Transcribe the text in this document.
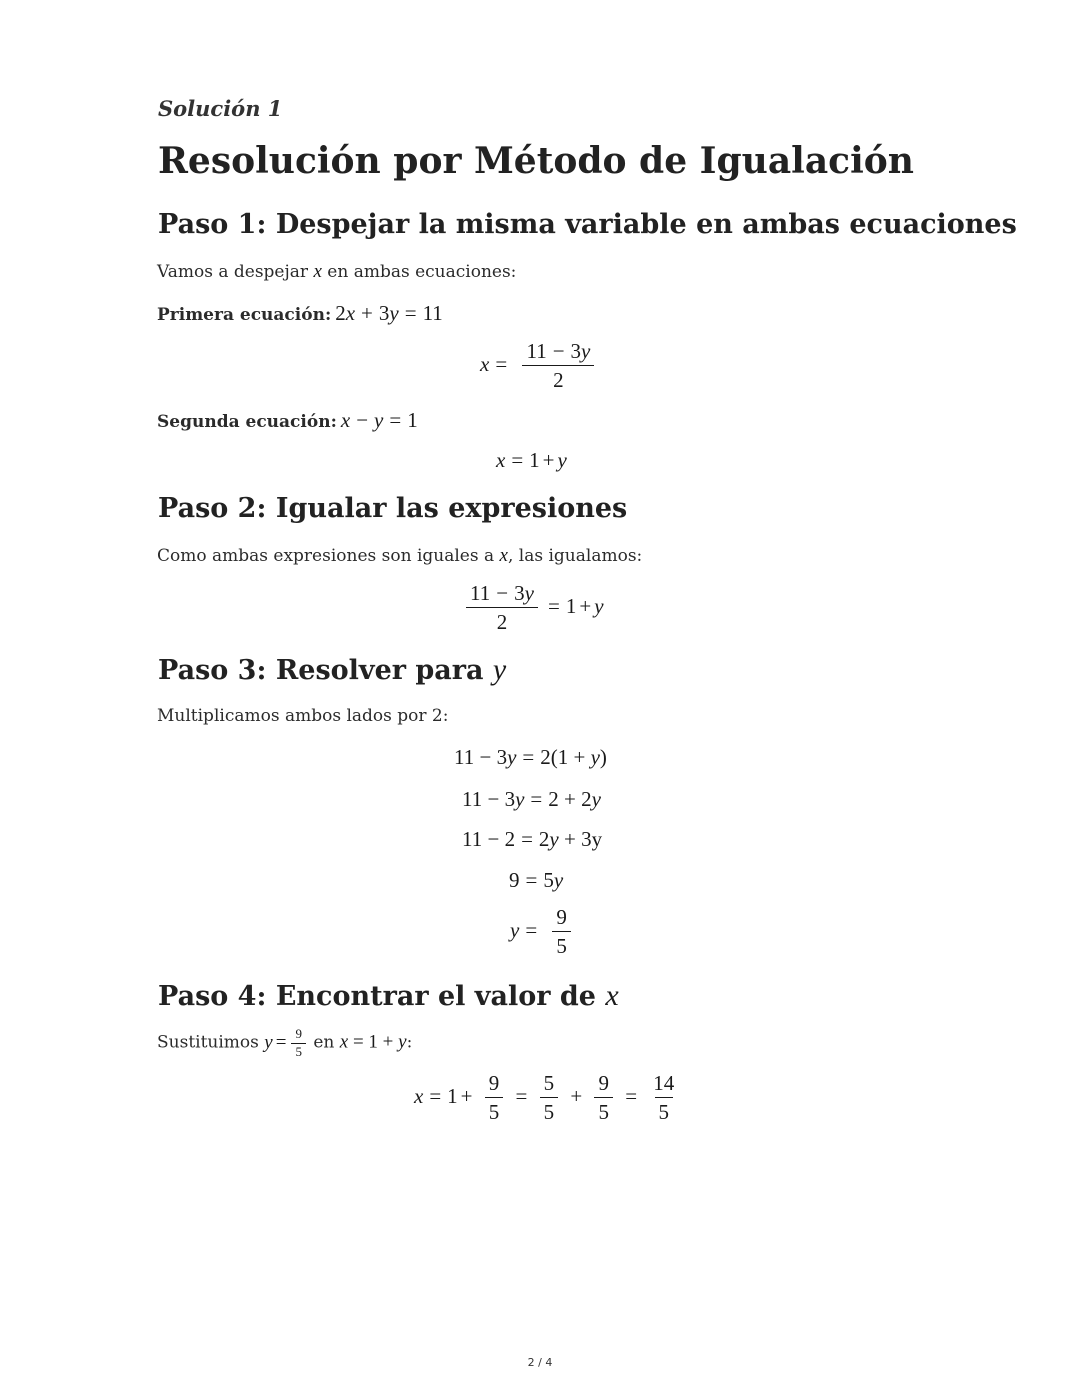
Solución 1
Resolución por Método de Igualación
Paso 1: Despejar la misma variable en ambas ecuaciones
Vamos a despejar x en ambas ecuaciones:
Primera ecuación: 2x + 3y = 11
$x = \frac{11 - 3y}{2}$
Segunda ecuación: x − y = 1
x = 1 + y
Paso 2: Igualar las expresiones
Como ambas expresiones son iguales a x, las igualamos:
$\frac{11 - 3y}{2} = 1 + y$
Paso 3: Resolver para y
Multiplicamos ambos lados por 2:
11 − 3y = 2(1 + y)
11 − 3y = 2 + 2y
11 − 2 = 2y + 3y
9 = 5y
$y = \frac{9}{5}$
Paso 4: Encontrar el valor de x
Sustituimos $y = \frac{9}{5}$ en x = 1 + y:
$x = 1 + \frac{9}{5} = \frac{5}{5} + \frac{9}{5} = \frac{14}{5}$
2 / 4
